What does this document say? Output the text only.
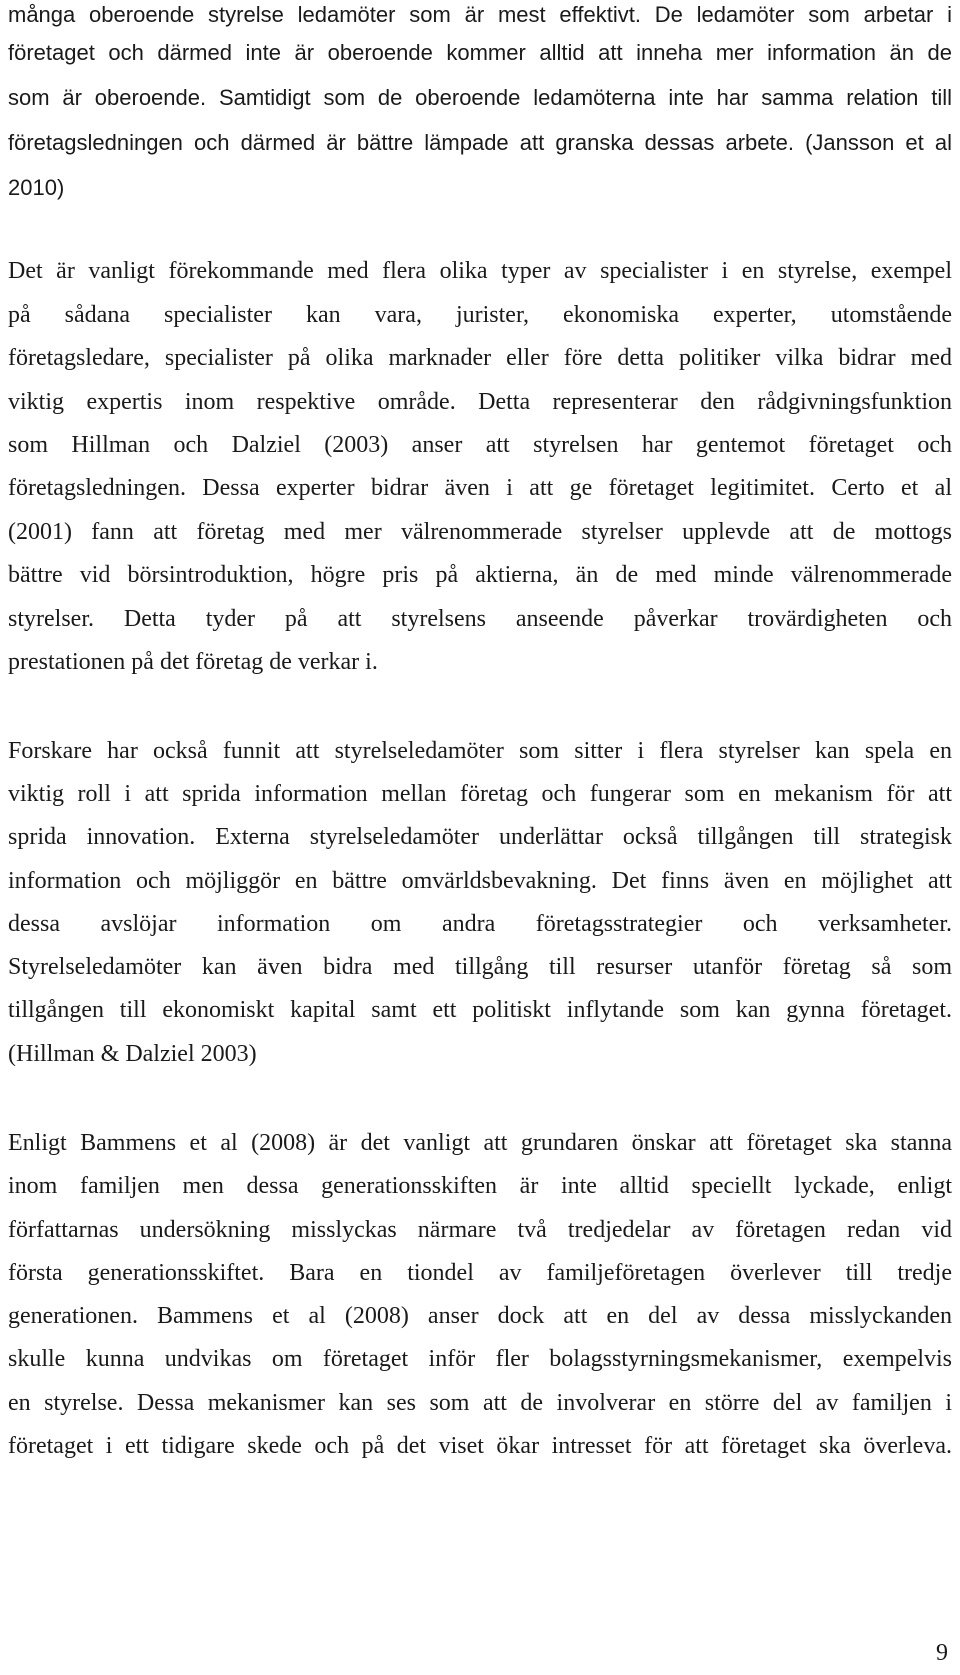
många oberoende styrelse ledamöter som är mest effektivt. De ledamöter som arbetar i
företaget och därmed inte är oberoende kommer alltid att inneha mer information än de
som är oberoende. Samtidigt som de oberoende ledamöterna inte har samma relation till
företagsledningen och därmed är bättre lämpade att granska dessas arbete. (Jansson et al
2010)
Det är vanligt förekommande med flera olika typer av specialister i en styrelse, exempel
på sådana specialister kan vara, jurister, ekonomiska experter, utomstående
företagsledare, specialister på olika marknader eller före detta politiker vilka bidrar med
viktig expertis inom respektive område. Detta representerar den rådgivningsfunktion
som Hillman och Dalziel (2003) anser att styrelsen har gentemot företaget och
företagsledningen. Dessa experter bidrar även i att ge företaget legitimitet. Certo et al
(2001) fann att företag med mer välrenommerade styrelser upplevde att de mottogs
bättre vid börsintroduktion, högre pris på aktierna, än de med minde välrenommerade
styrelser. Detta tyder på att styrelsens anseende påverkar trovärdigheten och
prestationen på det företag de verkar i.
Forskare har också funnit att styrelseledamöter som sitter i flera styrelser kan spela en
viktig roll i att sprida information mellan företag och fungerar som en mekanism för att
sprida innovation. Externa styrelseledamöter underlättar också tillgången till strategisk
information och möjliggör en bättre omvärldsbevakning. Det finns även en möjlighet att
dessa avslöjar information om andra företagsstrategier och verksamheter.
Styrelseledamöter kan även bidra med tillgång till resurser utanför företag så som
tillgången till ekonomiskt kapital samt ett politiskt inflytande som kan gynna företaget.
(Hillman & Dalziel 2003)
Enligt Bammens et al (2008) är det vanligt att grundaren önskar att företaget ska stanna
inom familjen men dessa generationsskiften är inte alltid speciellt lyckade, enligt
författarnas undersökning misslyckas närmare två tredjedelar av företagen redan vid
första generationsskiftet. Bara en tiondel av familjeföretagen överlever till tredje
generationen. Bammens et al (2008) anser dock att en del av dessa misslyckanden
skulle kunna undvikas om företaget inför fler bolagsstyrningsmekanismer, exempelvis
en styrelse. Dessa mekanismer kan ses som att de involverar en större del av familjen i
företaget i ett tidigare skede och på det viset ökar intresset för att företaget ska överleva.
9
